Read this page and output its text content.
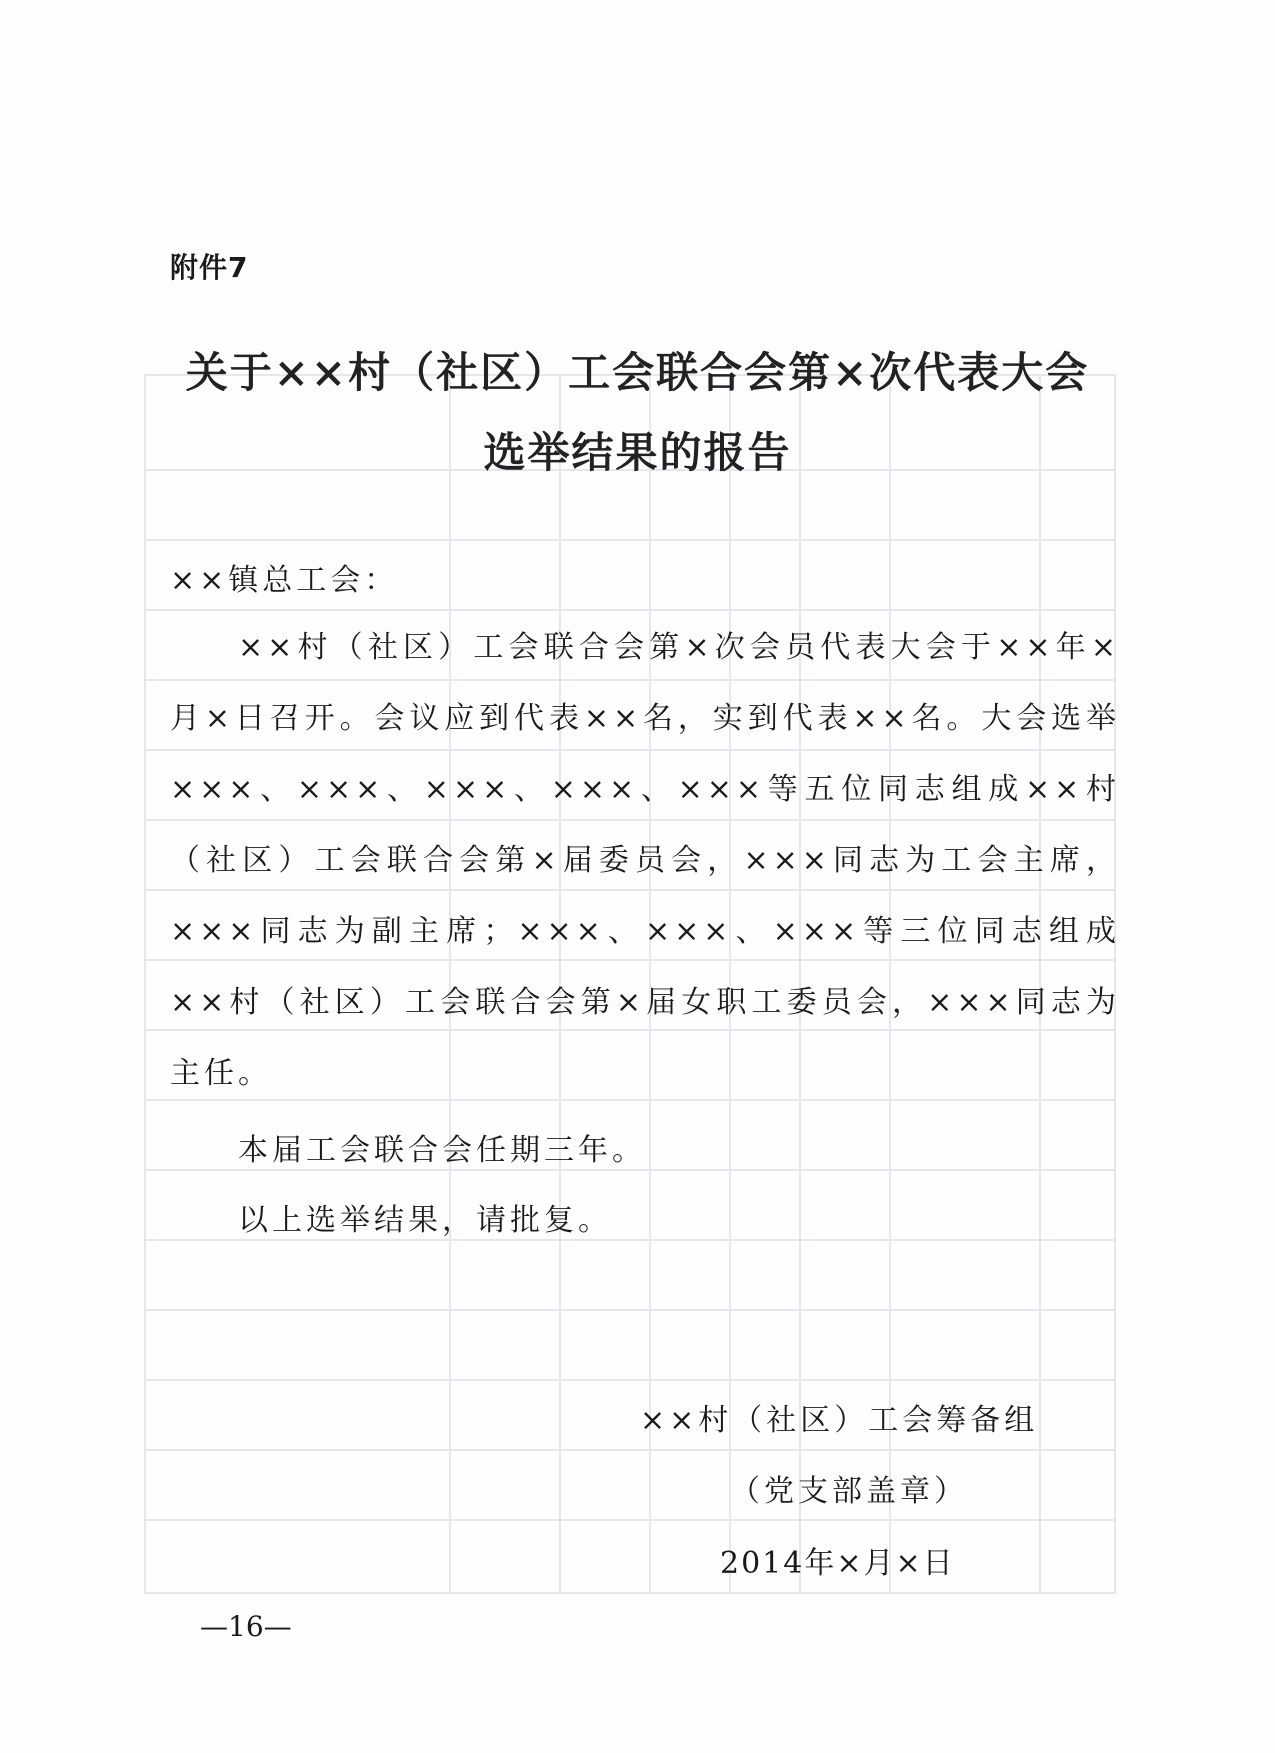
附件7
关于××村（社区）工会联合会第×次代表大会
选举结果的报告
××镇总工会：
××村（社区）工会联合会第×次会员代表大会于××年×月×日召开。会议应到代表××名，实到代表××名。大会选举×××、×××、×××、×××、×××等五位同志组成××村（社区）工会联合会第×届委员会，×××同志为工会主席，×××同志为副主席；×××、×××、×××等三位同志组成××村（社区）工会联合会第×届女职工委员会，×××同志为主任。
本届工会联合会任期三年。
以上选举结果，请批复。
××村（社区）工会筹备组
（党支部盖章）
2014年×月×日
—16—
